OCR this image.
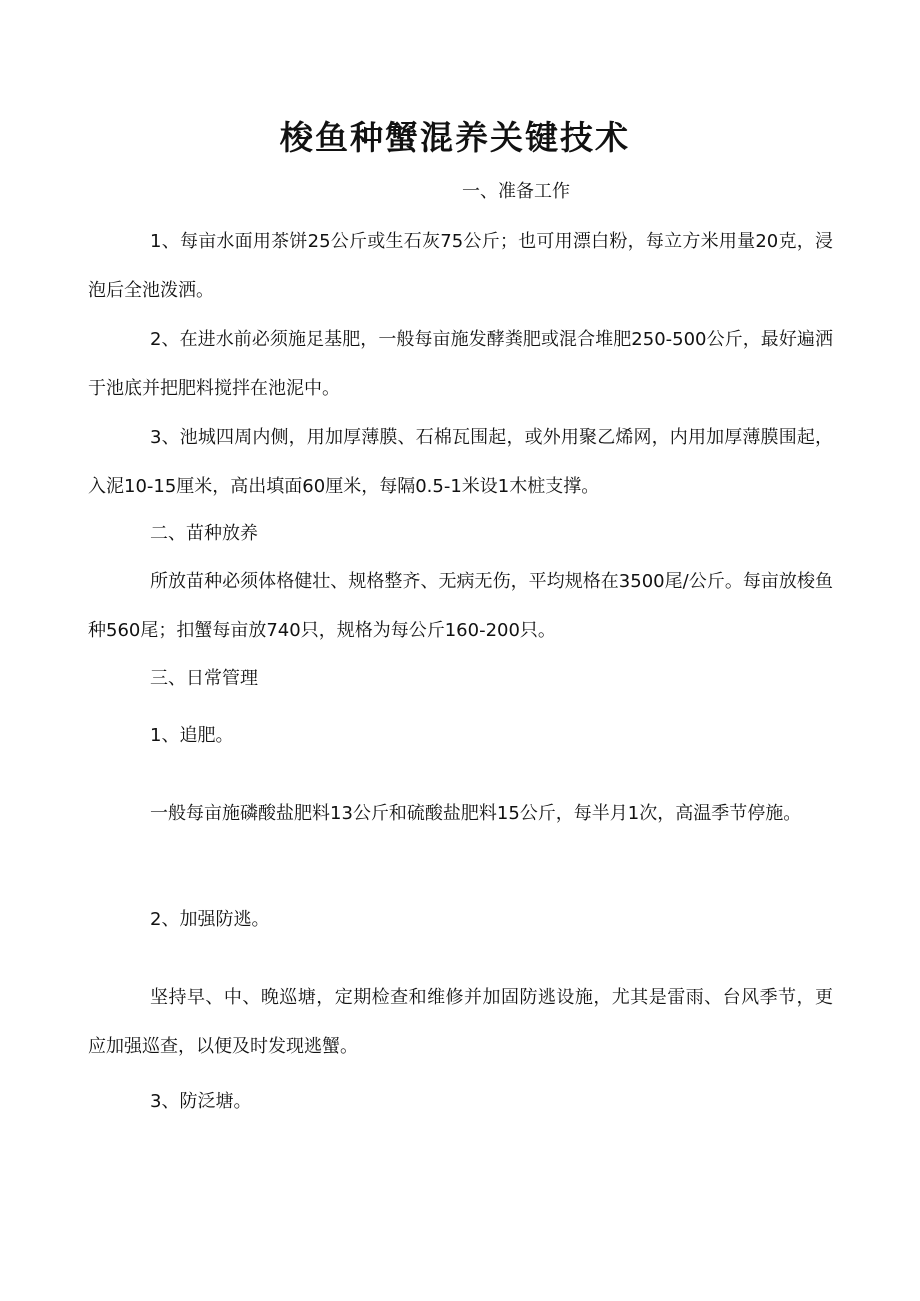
梭鱼种蟹混养关键技术

一、准备工作

1、每亩水面用茶饼25公斤或生石灰75公斤；也可用漂白粉，每立方米用量20克，浸泡后全池泼洒。

2、在进水前必须施足基肥，一般每亩施发酵粪肥或混合堆肥250-500公斤，最好遍洒于池底并把肥料搅拌在池泥中。

3、池城四周内侧，用加厚薄膜、石棉瓦围起，或外用聚乙烯网，内用加厚薄膜围起，入泥10-15厘米，高出填面60厘米，每隔0.5-1米设1木桩支撑。

二、苗种放养

所放苗种必须体格健壮、规格整齐、无病无伤，平均规格在3500尾/公斤。每亩放梭鱼种560尾；扣蟹每亩放740只，规格为每公斤160-200只。

三、日常管理

1、追肥。

一般每亩施磷酸盐肥料13公斤和硫酸盐肥料15公斤，每半月1次，高温季节停施。

2、加强防逃。

坚持早、中、晚巡塘，定期检查和维修并加固防逃设施，尤其是雷雨、台风季节，更应加强巡查，以便及时发现逃蟹。

3、防泛塘。
